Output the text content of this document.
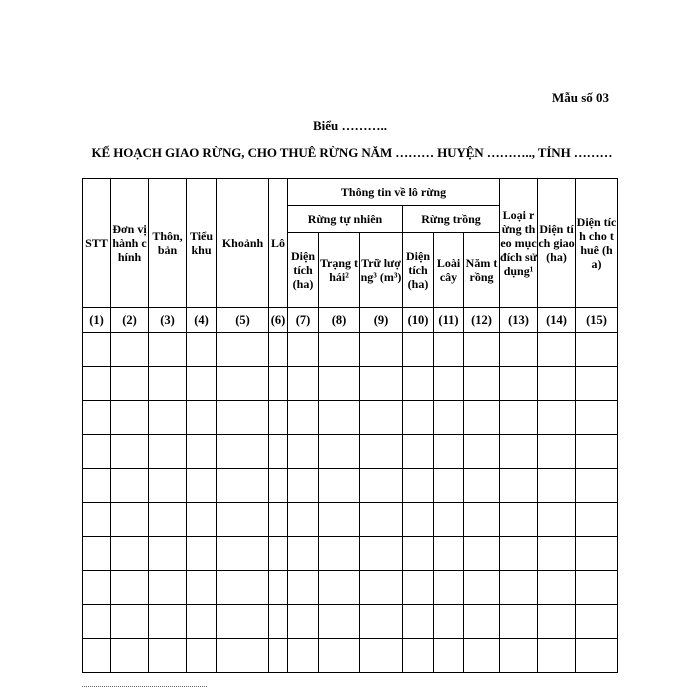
Mẫu số 03
Biểu ………..
KẾ HOẠCH GIAO RỪNG, CHO THUÊ RỪNG NĂM ……… HUYỆN ……….., TỈNH ………
STT	Đơn vị hành chính	Thôn, bản	Tiểu khu	Khoảnh	Lô	Thông tin về lô rừng						Loại rừng theo mục đích sử dụng¹	Diện tích giao (ha)	Diện tích cho thuê (ha)
						Rừng tự nhiên			Rừng trồng					
						Diện tích (ha)	Trạng thái²	Trữ lượng³ (m³)	Diện tích (ha)	Loài cây	Năm trồng			
(1)	(2)	(3)	(4)	(5)	(6)	(7)	(8)	(9)	(10)	(11)	(12)	(13)	(14)	(15)
